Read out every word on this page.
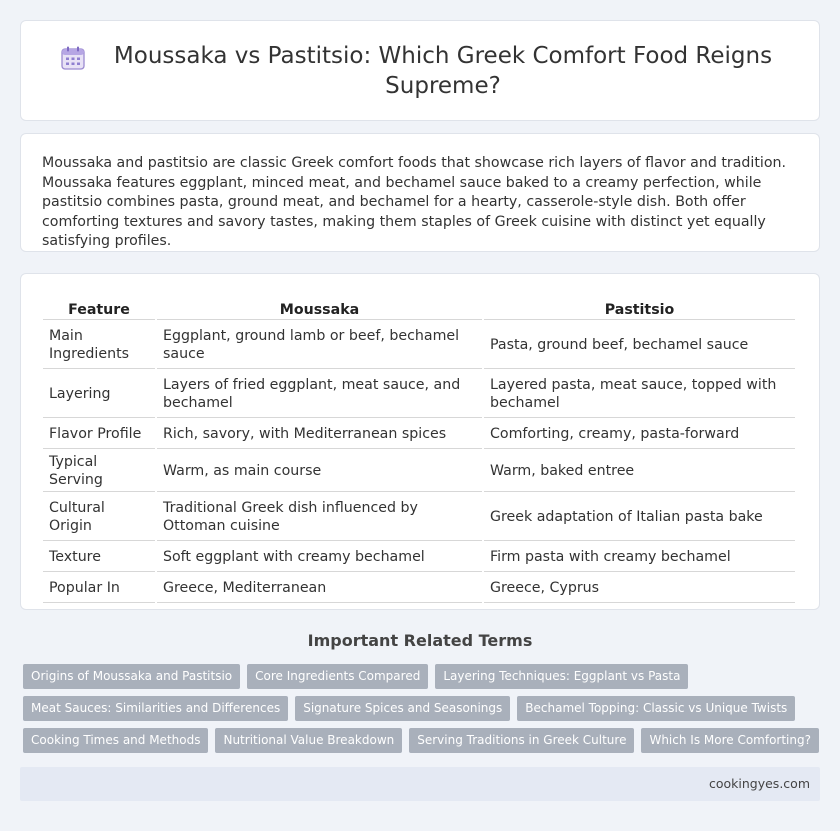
Moussaka vs Pastitsio: Which Greek Comfort Food Reigns Supreme?

Moussaka and pastitsio are classic Greek comfort foods that showcase rich layers of flavor and tradition. Moussaka features eggplant, minced meat, and bechamel sauce baked to a creamy perfection, while pastitsio combines pasta, ground meat, and bechamel for a hearty, casserole-style dish. Both offer comforting textures and savory tastes, making them staples of Greek cuisine with distinct yet equally satisfying profiles.

Feature	Moussaka	Pastitsio
Main Ingredients	Eggplant, ground lamb or beef, bechamel sauce	Pasta, ground beef, bechamel sauce
Layering	Layers of fried eggplant, meat sauce, and bechamel	Layered pasta, meat sauce, topped with bechamel
Flavor Profile	Rich, savory, with Mediterranean spices	Comforting, creamy, pasta-forward
Typical Serving	Warm, as main course	Warm, baked entree
Cultural Origin	Traditional Greek dish influenced by Ottoman cuisine	Greek adaptation of Italian pasta bake
Texture	Soft eggplant with creamy bechamel	Firm pasta with creamy bechamel
Popular In	Greece, Mediterranean	Greece, Cyprus
Important Related Terms
Origins of Moussaka and Pastitsio	Core Ingredients Compared	Layering Techniques: Eggplant vs Pasta
Meat Sauces: Similarities and Differences	Signature Spices and Seasonings	Bechamel Topping: Classic vs Unique Twists
Cooking Times and Methods	Nutritional Value Breakdown	Serving Traditions in Greek Culture	Which Is More Comforting?
cookingyes.com
